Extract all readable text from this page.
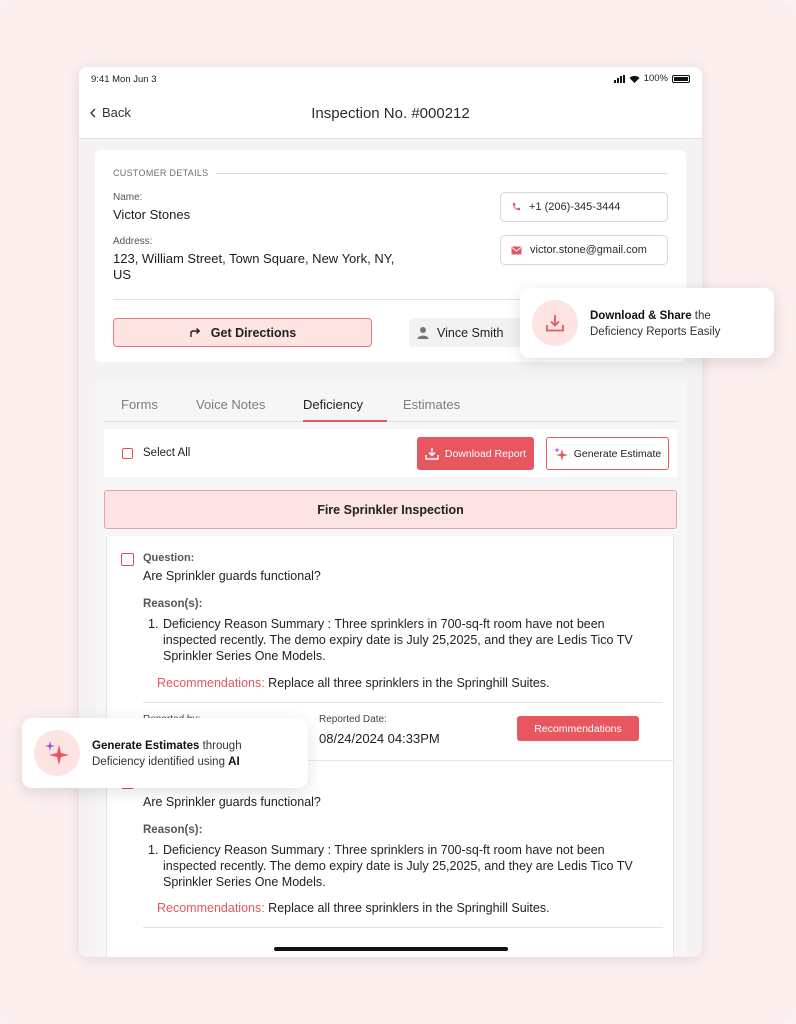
9:41 Mon Jun 3	100%
Back	Inspection No. #000212
CUSTOMER DETAILS
Name:
Victor Stones
Address:
123, William Street, Town Square, New York, NY,
US
+1 (206)-345-3444
victor.stone@gmail.com
Get Directions	Vince Smith
Forms	Voice Notes	Deficiency	Estimates
Select All	Download Report	Generate Estimate
Fire Sprinkler Inspection
Question:
Are Sprinkler guards functional?
Reason(s):
1. Deficiency Reason Summary : Three sprinklers in 700-sq-ft room have not been inspected recently. The demo expiry date is July 25,2025, and they are Ledis Tico TV Sprinkler Series One Models.
Recommendations: Replace all three sprinklers in the Springhill Suites.
Reported Date:
08/24/2024 04:33PM
Recommendations
Are Sprinkler guards functional?
Reason(s):
1. Deficiency Reason Summary : Three sprinklers in 700-sq-ft room have not been inspected recently. The demo expiry date is July 25,2025, and they are Ledis Tico TV Sprinkler Series One Models.
Recommendations: Replace all three sprinklers in the Springhill Suites.
Download & Share the
Deficiency Reports Easily
Generate Estimates through
Deficiency identified using AI
